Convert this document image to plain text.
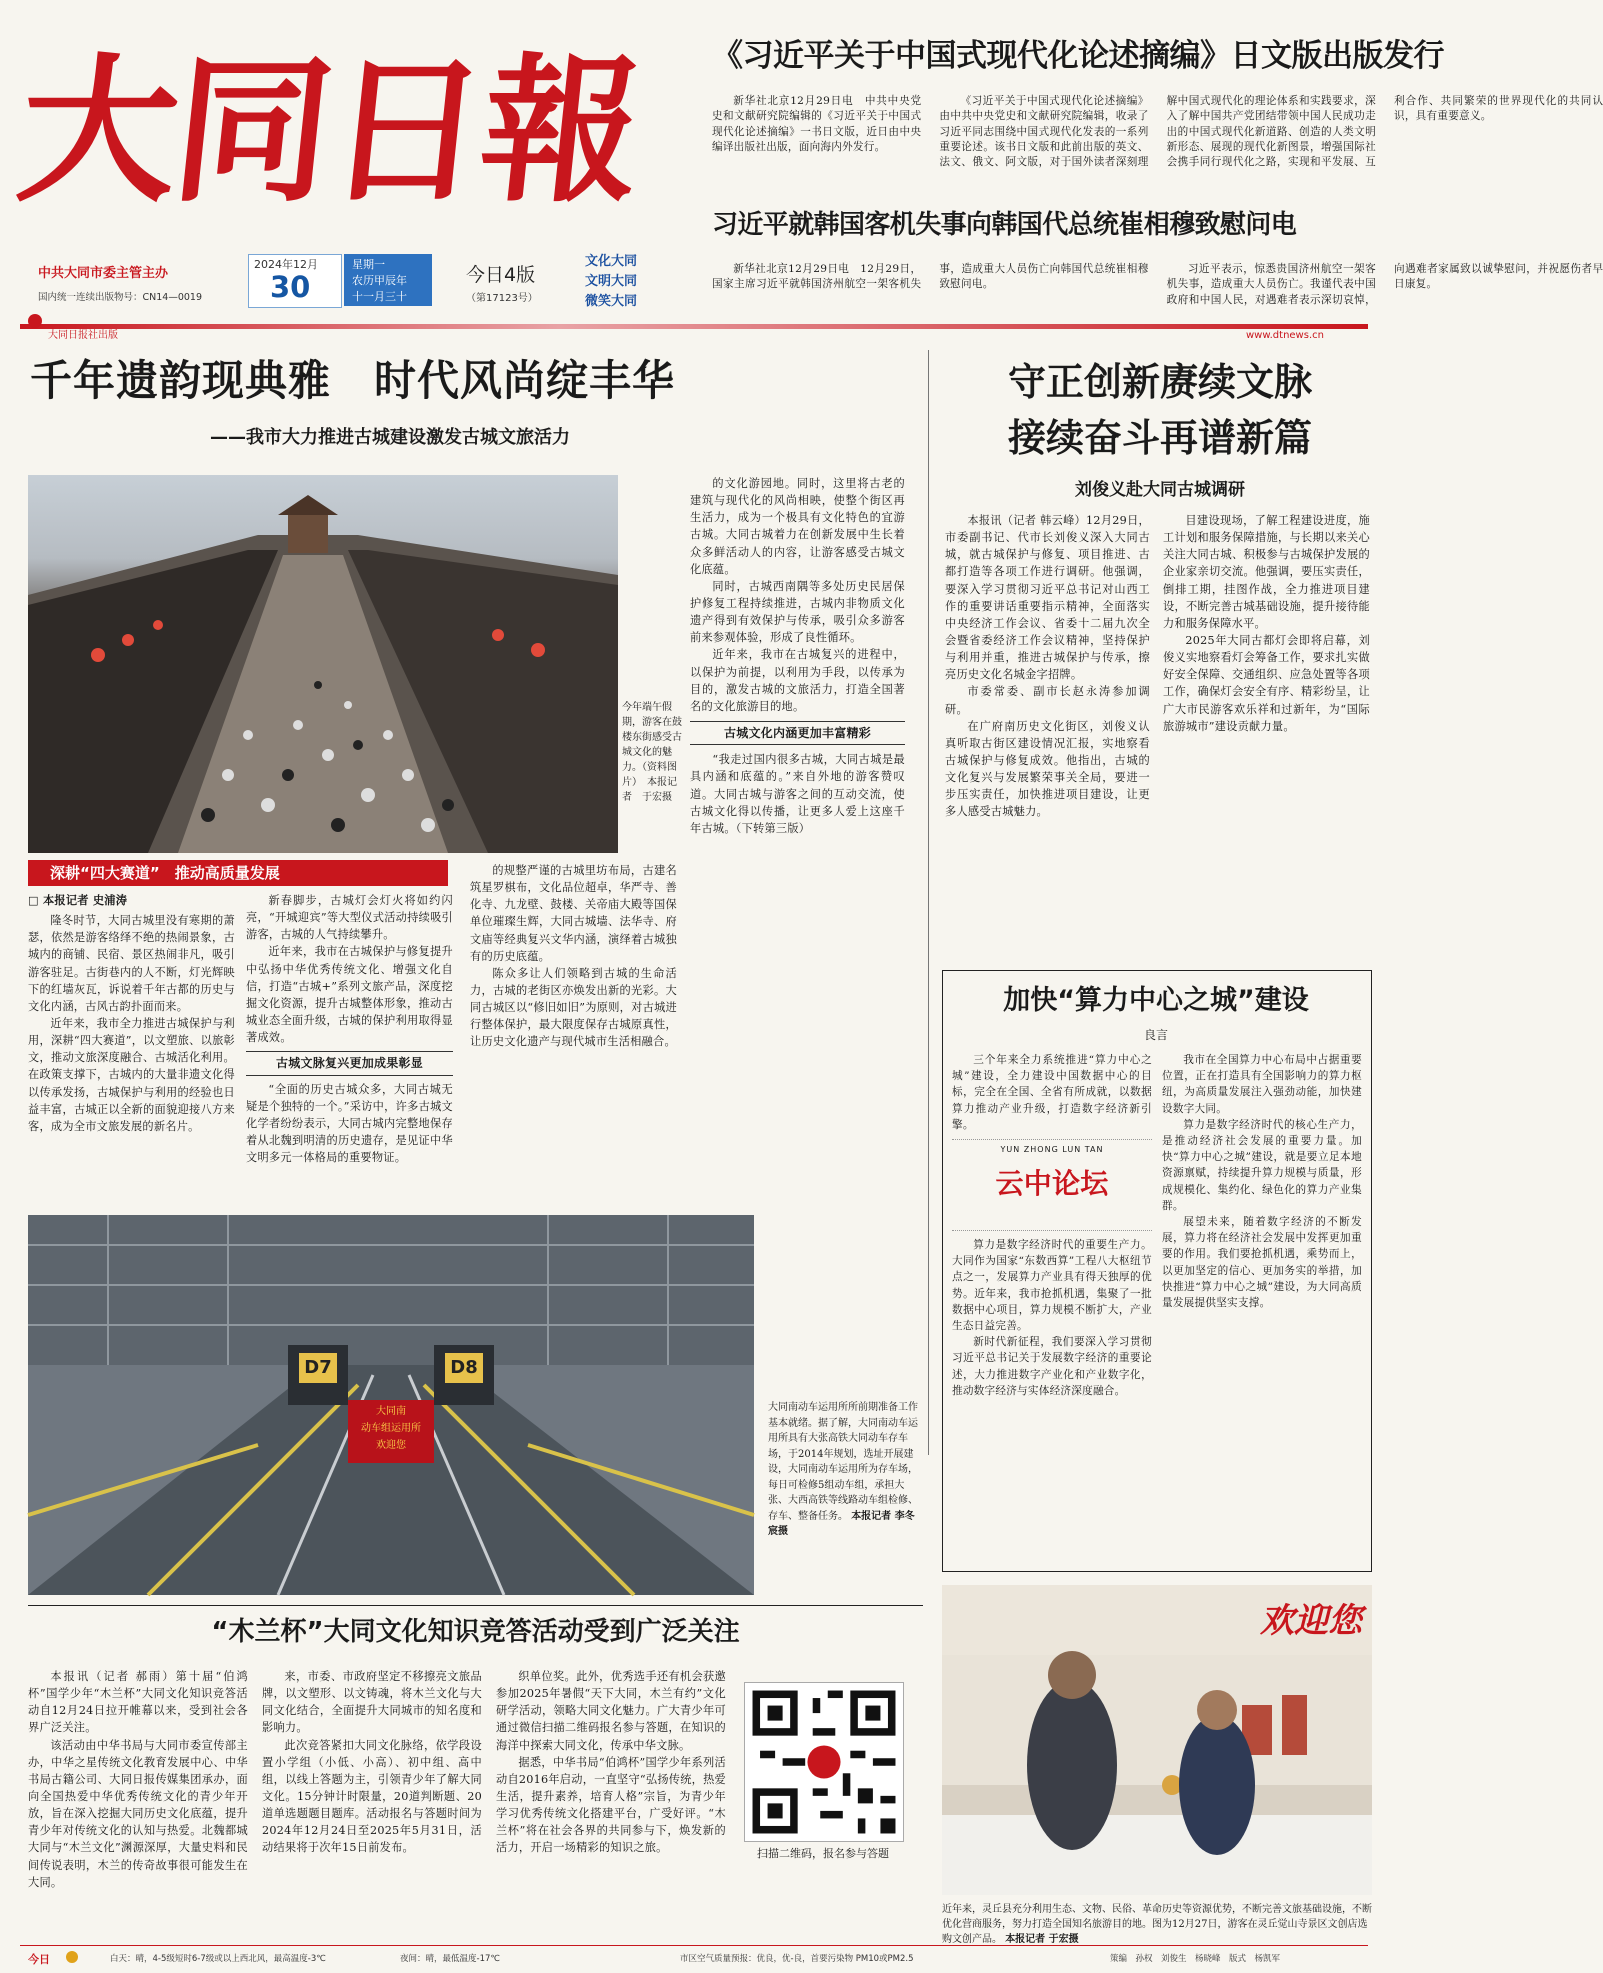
大同日報
中共大同市委主管主办
国内统一连续出版物号：CN14—0019
2024年12月
30
星期一
农历甲辰年
十一月三十
今日4版
（第17123号）
文化大同
文明大同
微笑大同
大同日报社出版	www.dtnews.cn
《习近平关于中国式现代化论述摘编》日文版出版发行

新华社北京12月29日电　中共中央党史和文献研究院编辑的《习近平关于中国式现代化论述摘编》一书日文版，近日由中央编译出版社出版，面向海内外发行。

《习近平关于中国式现代化论述摘编》由中共中央党史和文献研究院编辑，收录了习近平同志围绕中国式现代化发表的一系列重要论述。该书日文版和此前出版的英文、法文、俄文、阿文版，对于国外读者深刻理解中国式现代化的理论体系和实践要求，深入了解中国共产党团结带领中国人民成功走出的中国式现代化新道路、创造的人类文明新形态、展现的现代化新图景，增强国际社会携手同行现代化之路，实现和平发展、互利合作、共同繁荣的世界现代化的共同认识，具有重要意义。

习近平就韩国客机失事向韩国代总统崔相穆致慰问电

新华社北京12月29日电　12月29日，国家主席习近平就韩国济州航空一架客机失事，造成重大人员伤亡向韩国代总统崔相穆致慰问电。

习近平表示，惊悉贵国济州航空一架客机失事，造成重大人员伤亡。我谨代表中国政府和中国人民，对遇难者表示深切哀悼，向遇难者家属致以诚挚慰问，并祝愿伤者早日康复。

千年遗韵现典雅　时代风尚绽丰华
——我市大力推进古城建设激发古城文旅活力
今年端午假期，游客在鼓楼东街感受古城文化的魅力。（资料图片）　本报记者　于宏摄
深耕“四大赛道”　推动高质量发展
□ 本报记者 史浦涛

隆冬时节，大同古城里没有寒期的萧瑟，依然是游客络绎不绝的热闹景象，古城内的商铺、民宿、景区热闹非凡，吸引游客驻足。古街巷内的人不断，灯光辉映下的红墙灰瓦，诉说着千年古都的历史与文化内涵，古风古韵扑面而来。

近年来，我市全力推进古城保护与利用，深耕“四大赛道”，以文塑旅、以旅彰文，推动文旅深度融合、古城活化利用。在政策支撑下，古城内的大量非遗文化得以传承发扬，古城保护与利用的经验也日益丰富，古城正以全新的面貌迎接八方来客，成为全市文旅发展的新名片。

新春脚步，古城灯会灯火将如约闪亮，“开城迎宾”等大型仪式活动持续吸引游客，古城的人气持续攀升。

近年来，我市在古城保护与修复提升中弘扬中华优秀传统文化、增强文化自信，打造“古城+”系列文旅产品，深度挖掘文化资源，提升古城整体形象，推动古城业态全面升级，古城的保护利用取得显著成效。

古城文脉复兴更加成果彰显

“全面的历史古城众多，大同古城无疑是个独特的一个。”采访中，许多古城文化学者纷纷表示，大同古城内完整地保存着从北魏到明清的历史遗存，是见证中华文明多元一体格局的重要物证。

的规整严谨的古城里坊布局，古建名筑星罗棋布，文化品位超卓，华严寺、善化寺、九龙壁、鼓楼、关帝庙大殿等国保单位璀璨生辉，大同古城墙、法华寺、府文庙等经典复兴文华内涵，演绎着古城独有的历史底蕴。

陈众多让人们领略到古城的生命活力，古城的老街区亦焕发出新的光彩。大同古城区以“修旧如旧”为原则，对古城进行整体保护，最大限度保存古城原真性，让历史文化遗产与现代城市生活相融合。

的文化游园地。同时，这里将古老的建筑与现代化的风尚相映，使整个街区再生活力，成为一个极具有文化特色的宜游古城。大同古城着力在创新发展中生长着众多鲜活动人的内容，让游客感受古城文化底蕴。

同时，古城西南隅等多处历史民居保护修复工程持续推进，古城内非物质文化遗产得到有效保护与传承，吸引众多游客前来参观体验，形成了良性循环。

近年来，我市在古城复兴的进程中，以保护为前提，以利用为手段，以传承为目的，激发古城的文旅活力，打造全国著名的文化旅游目的地。

古城文化内涵更加丰富精彩

“我走过国内很多古城，大同古城是最具内涵和底蕴的。”来自外地的游客赞叹道。大同古城与游客之间的互动交流，使古城文化得以传播，让更多人爱上这座千年古城。（下转第三版）

守正创新赓续文脉
接续奋斗再谱新篇
刘俊义赴大同古城调研

本报讯（记者 韩云峰）12月29日，市委副书记、代市长刘俊义深入大同古城，就古城保护与修复、项目推进、古都打造等各项工作进行调研。他强调，要深入学习贯彻习近平总书记对山西工作的重要讲话重要指示精神，全面落实中央经济工作会议、省委十二届九次全会暨省委经济工作会议精神，坚持保护与利用并重，推进古城保护与传承，擦亮历史文化名城金字招牌。

市委常委、副市长赵永涛参加调研。

在广府南历史文化街区，刘俊义认真听取古街区建设情况汇报，实地察看古城保护与修复成效。他指出，古城的文化复兴与发展繁荣事关全局，要进一步压实责任，加快推进项目建设，让更多人感受古城魅力。

目建设现场，了解工程建设进度，施工计划和服务保障措施，与长期以来关心关注大同古城、积极参与古城保护发展的企业家亲切交流。他强调，要压实责任，倒排工期，挂图作战，全力推进项目建设，不断完善古城基础设施，提升接待能力和服务保障水平。

2025年大同古都灯会即将启幕，刘俊义实地察看灯会筹备工作，要求扎实做好安全保障、交通组织、应急处置等各项工作，确保灯会安全有序、精彩纷呈，让广大市民游客欢乐祥和过新年，为“国际旅游城市”建设贡献力量。

加快“算力中心之城”建设
良言

三个年来全力系统推进“算力中心之城”建设，全力建设中国数据中心的目标，完全在全国、全省有所成就，以数据算力推动产业升级，打造数字经济新引擎。

YUN ZHONG LUN TAN
云中论坛

算力是数字经济时代的重要生产力。大同作为国家“东数西算”工程八大枢纽节点之一，发展算力产业具有得天独厚的优势。近年来，我市抢抓机遇，集聚了一批数据中心项目，算力规模不断扩大，产业生态日益完善。

新时代新征程，我们要深入学习贯彻习近平总书记关于发展数字经济的重要论述，大力推进数字产业化和产业数字化，推动数字经济与实体经济深度融合。

我市在全国算力中心布局中占据重要位置，正在打造具有全国影响力的算力枢纽，为高质量发展注入强劲动能，加快建设数字大同。

算力是数字经济时代的核心生产力，是推动经济社会发展的重要力量。加快“算力中心之城”建设，就是要立足本地资源禀赋，持续提升算力规模与质量，形成规模化、集约化、绿色化的算力产业集群。

展望未来，随着数字经济的不断发展，算力将在经济社会发展中发挥更加重要的作用。我们要抢抓机遇，乘势而上，以更加坚定的信心、更加务实的举措，加快推进“算力中心之城”建设，为大同高质量发展提供坚实支撑。

D7	D8
大同南
动车组运用所
欢迎您
大同南动车运用所所前期准备工作基本就绪。据了解，大同南动车运用所具有大张高铁大同动车存车场，于2014年规划，选址开展建设，大同南动车运用所为存车场，每日可检修5组动车组，承担大张、大西高铁等线路动车组检修、存车、整备任务。 本报记者 李冬宸摄
“木兰杯”大同文化知识竞答活动受到广泛关注

本报讯（记者 郝雨）第十届“伯鸿杯”国学少年“木兰杯”大同文化知识竞答活动自12月24日拉开帷幕以来，受到社会各界广泛关注。

该活动由中华书局与大同市委宣传部主办，中华之星传统文化教育发展中心、中华书局古籍公司、大同日报传媒集团承办，面向全国热爱中华优秀传统文化的青少年开放，旨在深入挖掘大同历史文化底蕴，提升青少年对传统文化的认知与热爱。北魏都城大同与“木兰文化”渊源深厚，大量史料和民间传说表明，木兰的传奇故事很可能发生在大同。

来，市委、市政府坚定不移擦亮文旅品牌，以文塑形、以文铸魂，将木兰文化与大同文化结合，全面提升大同城市的知名度和影响力。

此次竞答紧扣大同文化脉络，依学段设置小学组（小低、小高）、初中组、高中组，以线上答题为主，引领青少年了解大同文化。15分钟计时限量，20道判断题、20道单选题题目题库。活动报名与答题时间为2024年12月24日至2025年5月31日，活动结果将于次年15日前发布。

织单位奖。此外，优秀选手还有机会获邀参加2025年暑假“天下大同，木兰有约”文化研学活动，领略大同文化魅力。广大青少年可通过微信扫描二维码报名参与答题，在知识的海洋中探索大同文化，传承中华文脉。

据悉，中华书局“伯鸿杯”国学少年系列活动自2016年启动，一直坚守“弘扬传统，热爱生活，提升素养，培育人格”宗旨，为青少年学习优秀传统文化搭建平台，广受好评。“木兰杯”将在社会各界的共同参与下，焕发新的活力，开启一场精彩的知识之旅。	扫描二维码，报名参与答题
欢迎您
近年来，灵丘县充分利用生态、文物、民俗、革命历史等资源优势，不断完善文旅基础设施，不断优化营商服务，努力打造全国知名旅游目的地。图为12月27日，游客在灵丘觉山寺景区文创店选购文创产品。 本报记者 于宏摄
今日	白天：晴，4-5级短时6-7级或以上西北风，最高温度-3℃	夜间：晴，最低温度-17℃	市区空气质量预报：优良，优-良，首要污染物 PM10或PM2.5	策编　孙权　刘俊生　杨晓峰　版式　杨凯军
